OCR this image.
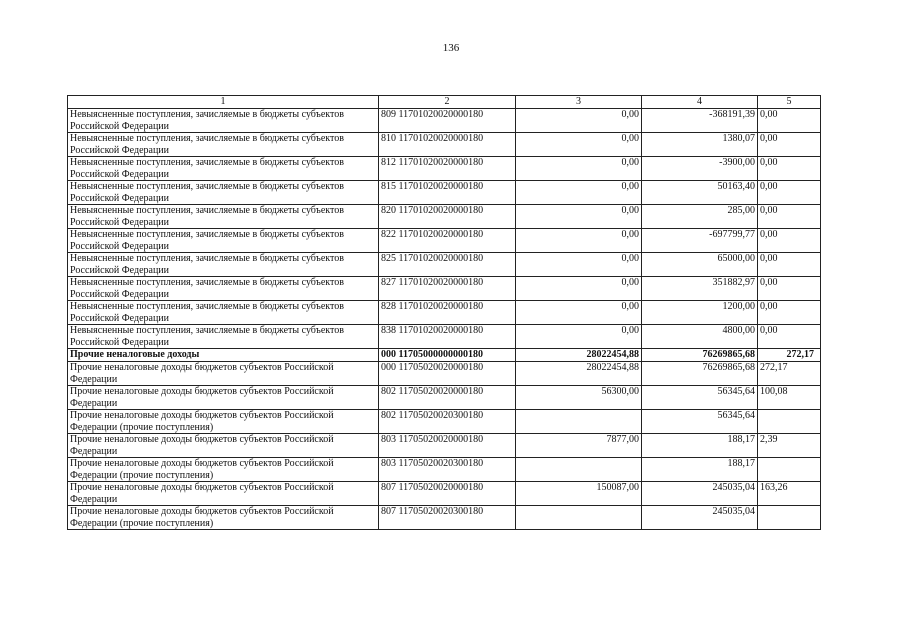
136
1	2	3	4	5
Невыясненные поступления, зачисляемые в бюджеты субъектов Российской Федерации	809 11701020020000180	0,00	-368191,39	0,00
Невыясненные поступления, зачисляемые в бюджеты субъектов Российской Федерации	810 11701020020000180	0,00	1380,07	0,00
Невыясненные поступления, зачисляемые в бюджеты субъектов Российской Федерации	812 11701020020000180	0,00	-3900,00	0,00
Невыясненные поступления, зачисляемые в бюджеты субъектов Российской Федерации	815 11701020020000180	0,00	50163,40	0,00
Невыясненные поступления, зачисляемые в бюджеты субъектов Российской Федерации	820 11701020020000180	0,00	285,00	0,00
Невыясненные поступления, зачисляемые в бюджеты субъектов Российской Федерации	822 11701020020000180	0,00	-697799,77	0,00
Невыясненные поступления, зачисляемые в бюджеты субъектов Российской Федерации	825 11701020020000180	0,00	65000,00	0,00
Невыясненные поступления, зачисляемые в бюджеты субъектов Российской Федерации	827 11701020020000180	0,00	351882,97	0,00
Невыясненные поступления, зачисляемые в бюджеты субъектов Российской Федерации	828 11701020020000180	0,00	1200,00	0,00
Невыясненные поступления, зачисляемые в бюджеты субъектов Российской Федерации	838 11701020020000180	0,00	4800,00	0,00
Прочие неналоговые доходы	000 11705000000000180	28022454,88	76269865,68	272,17
Прочие неналоговые доходы бюджетов субъектов Российской Федерации	000 11705020020000180	28022454,88	76269865,68	272,17
Прочие неналоговые доходы бюджетов субъектов Российской Федерации	802 11705020020000180	56300,00	56345,64	100,08
Прочие неналоговые доходы бюджетов субъектов Российской Федерации (прочие поступления)	802 11705020020300180		56345,64	
Прочие неналоговые доходы бюджетов субъектов Российской Федерации	803 11705020020000180	7877,00	188,17	2,39
Прочие неналоговые доходы бюджетов субъектов Российской Федерации (прочие поступления)	803 11705020020300180		188,17	
Прочие неналоговые доходы бюджетов субъектов Российской Федерации	807 11705020020000180	150087,00	245035,04	163,26
Прочие неналоговые доходы бюджетов субъектов Российской Федерации (прочие поступления)	807 11705020020300180		245035,04	
